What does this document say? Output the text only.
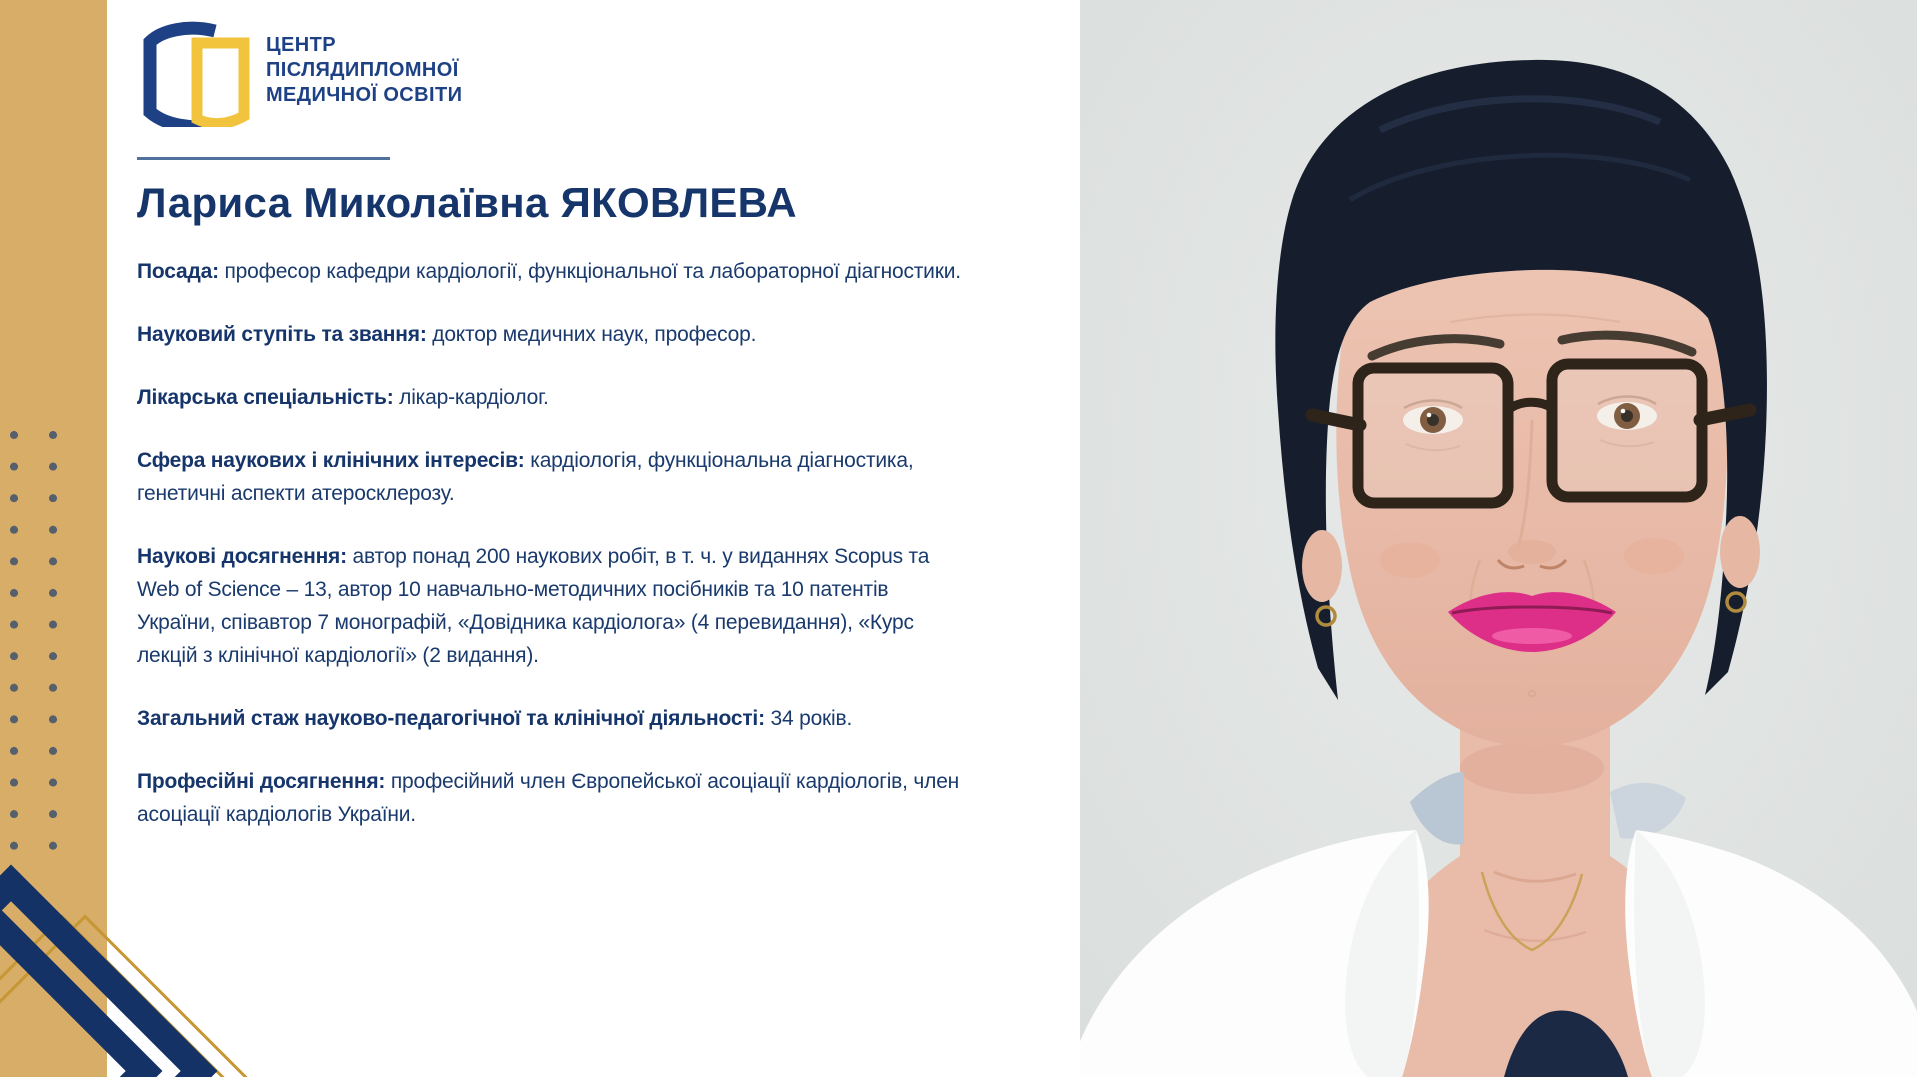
ЦЕНТР
ПІСЛЯДИПЛОМНОЇ
МЕДИЧНОЇ ОСВІТИ
Лариса Миколаївна ЯКОВЛЕВА

Посада: професор кафедри кардіології, функціональної та лабораторної діагностики.

Науковий ступіть та звання: доктор медичних наук, професор.

Лікарська спеціальність: лікар-кардіолог.

Сфера наукових і клінічних інтересів: кардіологія, функціональна діагностика, генетичні аспекти атеросклерозу.

Наукові досягнення: автор понад 200 наукових робіт, в т. ч. у виданнях Scopus та Web of Science – 13, автор 10 навчально-методичних посібників та 10 патентів України, співавтор 7 монографій, «Довідника кардіолога» (4 перевидання), «Курс лекцій з клінічної кардіології» (2 видання).

Загальний стаж науково-педагогічної та клінічної діяльності: 34 років.

Професійні досягнення: професійний член Європейської асоціації кардіологів, член асоціації кардіологів України.
